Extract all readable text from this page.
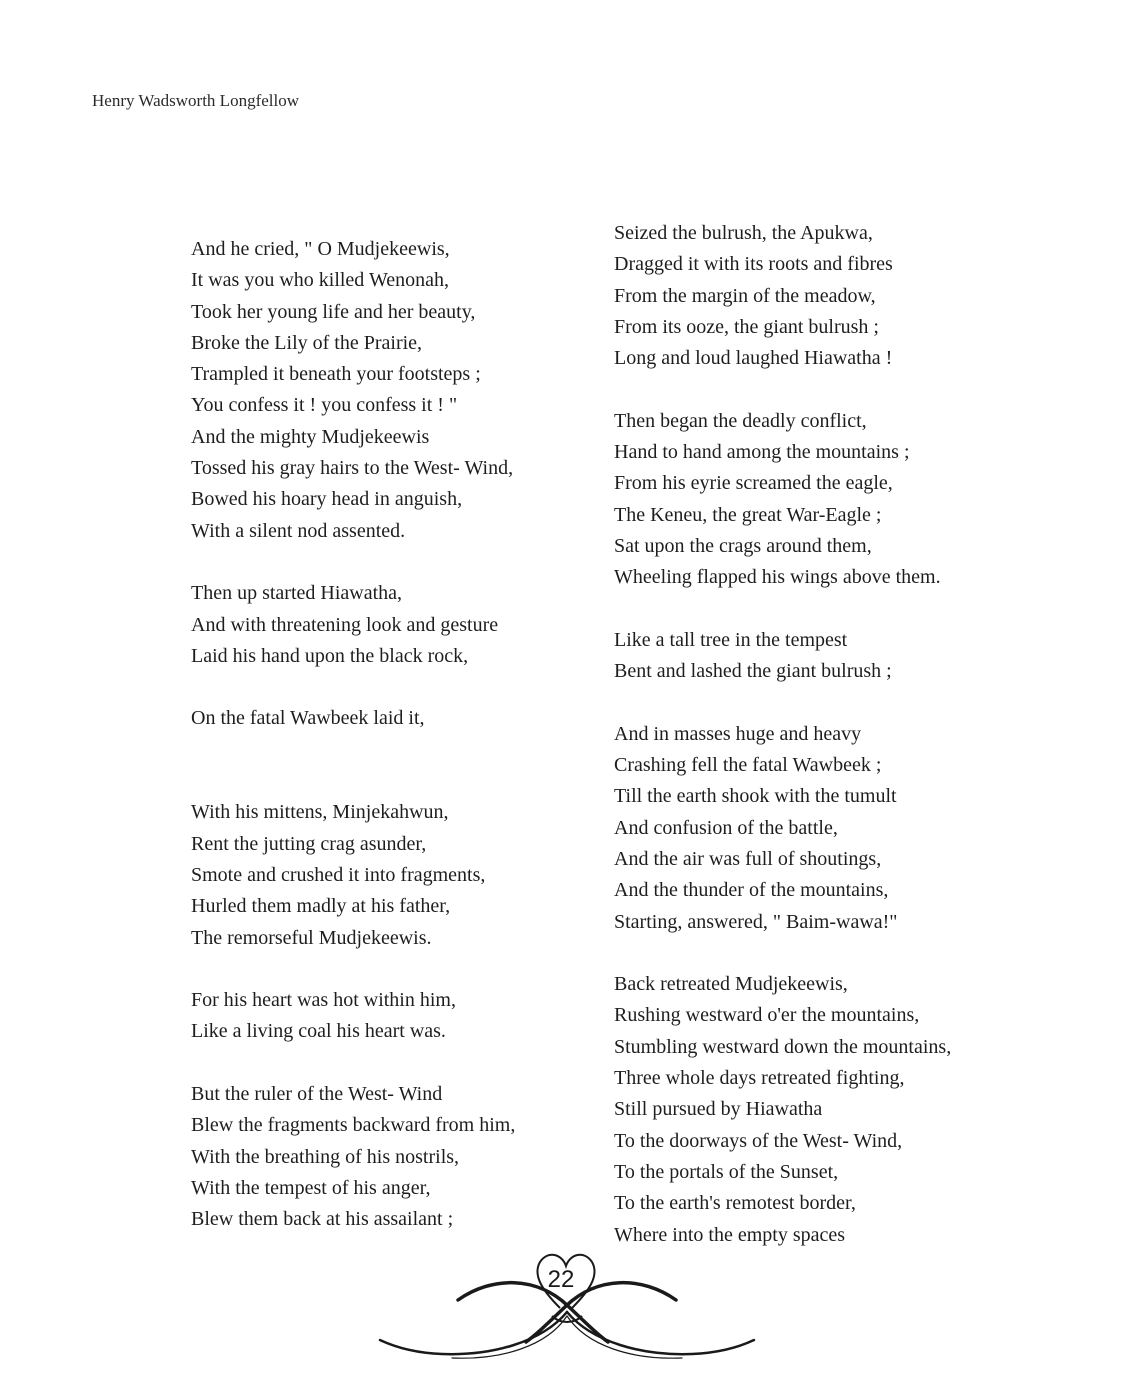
Henry Wadsworth Longfellow
And he cried, " O Mudjekeewis,
It was you who killed Wenonah,
Took her young life and her beauty,
Broke the Lily of the Prairie,
Trampled it beneath your footsteps ;
You confess it ! you confess it ! "
And the mighty Mudjekeewis
Tossed his gray hairs to the West- Wind,
Bowed his hoary head in anguish,
With a silent nod assented.
Then up started Hiawatha,
And with threatening look and gesture
Laid his hand upon the black rock,
On the fatal Wawbeek laid it,
With his mittens, Minjekahwun,
Rent the jutting crag asunder,
Smote and crushed it into fragments,
Hurled them madly at his father,
The remorseful Mudjekeewis.
For his heart was hot within him,
Like a living coal his heart was.
But the ruler of the West- Wind
Blew the fragments backward from him,
With the breathing of his nostrils,
With the tempest of his anger,
Blew them back at his assailant ;
Seized the bulrush, the Apukwa,
Dragged it with its roots and fibres
From the margin of the meadow,
From its ooze, the giant bulrush ;
Long and loud laughed Hiawatha !
Then began the deadly conflict,
Hand to hand among the mountains ;
From his eyrie screamed the eagle,
The Keneu, the great War-Eagle ;
Sat upon the crags around them,
Wheeling flapped his wings above them.
Like a tall tree in the tempest
Bent and lashed the giant bulrush ;
And in masses huge and heavy
Crashing fell the fatal Wawbeek ;
Till the earth shook with the tumult
And confusion of the battle,
And the air was full of shoutings,
And the thunder of the mountains,
Starting, answered, " Baim-wawa!"
Back retreated Mudjekeewis,
Rushing westward o'er the mountains,
Stumbling westward down the mountains,
Three whole days retreated fighting,
Still pursued by Hiawatha
To the doorways of the West- Wind,
To the portals of the Sunset,
To the earth's remotest border,
Where into the empty spaces
22
